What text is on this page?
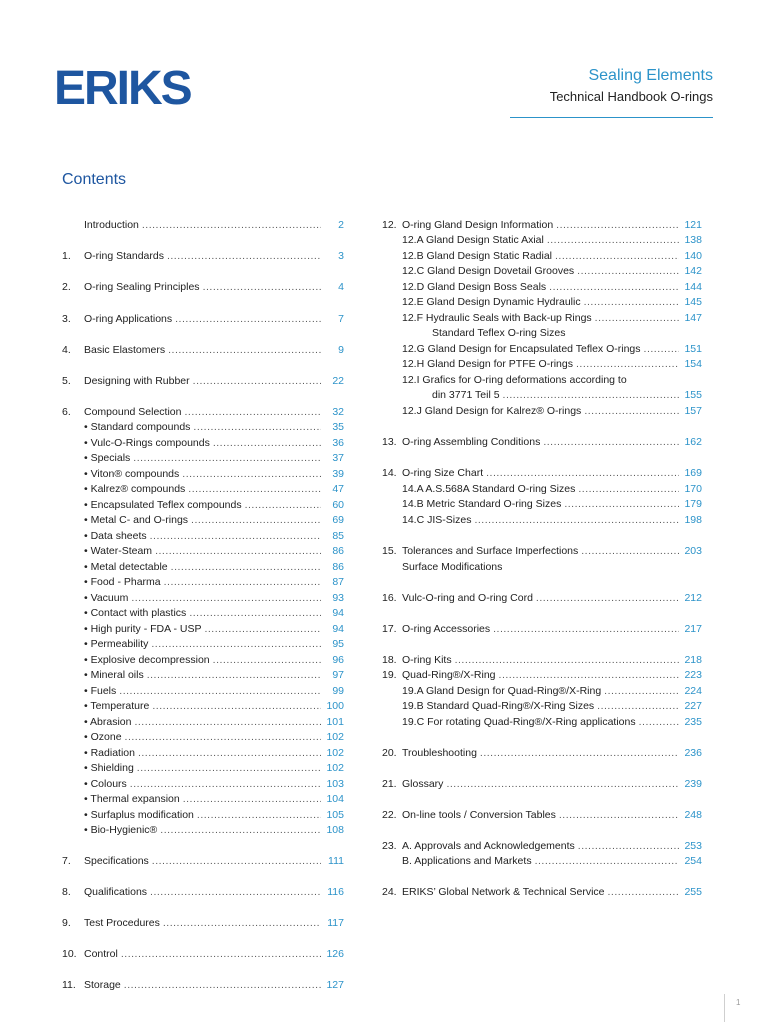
ERIKS	Sealing Elements
Technical Handbook O-rings
Contents
Introduction .....	2
1.	O-ring Standards .....	3
2.	O-ring Sealing Principles .....	4
3.	O-ring Applications .....	7
4.	Basic Elastomers .....	9
5.	Designing with Rubber .....	22
6.	Compound Selection .....	32
• Standard compounds .....	35
• Vulc-O-Rings compounds .....	36
• Specials .....	37
• Viton® compounds .....	39
• Kalrez® compounds .....	47
• Encapsulated Teflex compounds .....	60
• Metal C- and O-rings .....	69
• Data sheets .....	85
• Water-Steam .....	86
• Metal detectable .....	86
• Food - Pharma .....	87
• Vacuum .....	93
• Contact with plastics .....	94
• High purity - FDA - USP .....	94
• Permeability .....	95
• Explosive decompression .....	96
• Mineral oils .....	97
• Fuels .....	99
• Temperature .....	100
• Abrasion .....	101
• Ozone .....	102
• Radiation .....	102
• Shielding .....	102
• Colours .....	103
• Thermal expansion .....	104
• Surfaplus modification .....	105
• Bio-Hygienic® .....	108
7.	Specifications .....	111
8.	Qualifications .....	116
9.	Test Procedures .....	117
10. Control .....	126
11. Storage .....	127
12. O-ring Gland Design Information .....	121
12.A Gland Design Static Axial .....	138
12.B Gland Design Static Radial .....	140
12.C Gland Design Dovetail Grooves .....	142
12.D Gland Design Boss Seals .....	144
12.E Gland Design Dynamic Hydraulic .....	145
12.F Hydraulic Seals with Back-up Rings .....	147
Standard Teflex O-ring Sizes
12.G Gland Design for Encapsulated Teflex O-rings .....	151
12.H Gland Design for PTFE O-rings .....	154
12.I Grafics for O-ring deformations according to
din 3771 Teil 5 .....	155
12.J Gland Design for Kalrez® O-rings .....	157
13. O-ring Assembling Conditions .....	162
14. O-ring Size Chart .....	169
14.A A.S.568A Standard O-ring Sizes .....	170
14.B Metric Standard O-ring Sizes .....	179
14.C JIS-Sizes .....	198
15. Tolerances and Surface Imperfections .....	203
Surface Modifications
16. Vulc-O-ring and O-ring Cord .....	212
17. O-ring Accessories .....	217
18. O-ring Kits .....	218
19. Quad-Ring®/X-Ring .....	223
19.A Gland Design for Quad-Ring®/X-Ring .....	224
19.B Standard Quad-Ring®/X-Ring Sizes .....	227
19.C For rotating Quad-Ring®/X-Ring applications .....	235
20. Troubleshooting .....	236
21. Glossary .....	239
22. On-line tools / Conversion Tables .....	248
23. A. Approvals and Acknowledgements .....	253
B. Applications and Markets .....	254
24. ERIKS’ Global Network & Technical Service .....	255
1
